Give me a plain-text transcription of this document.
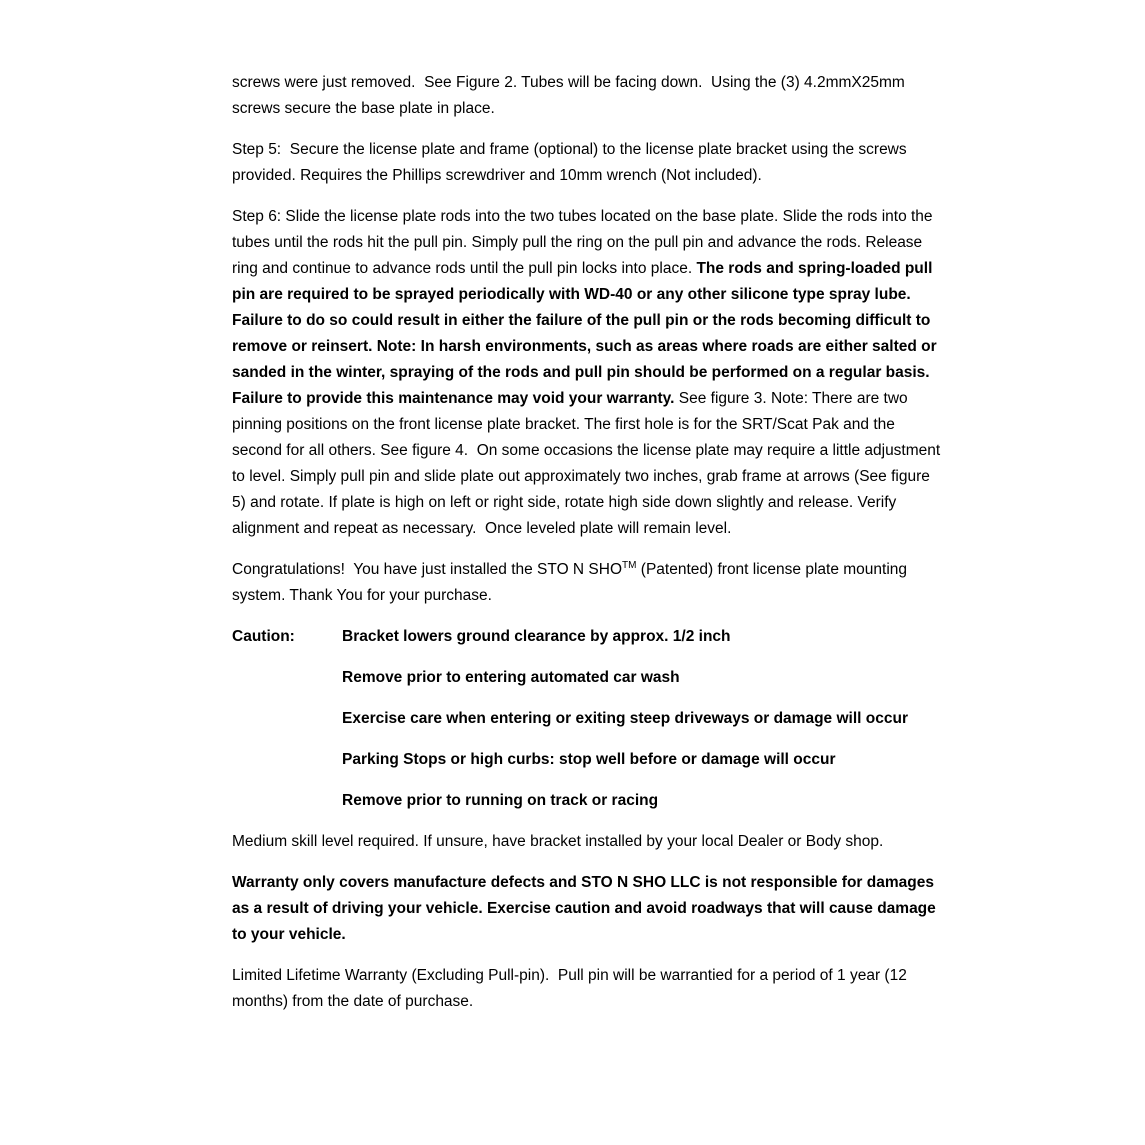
screws were just removed.  See Figure 2. Tubes will be facing down.  Using the (3) 4.2mmX25mm screws secure the base plate in place.

Step 5:  Secure the license plate and frame (optional) to the license plate bracket using the screws provided. Requires the Phillips screwdriver and 10mm wrench (Not included).

Step 6: Slide the license plate rods into the two tubes located on the base plate. Slide the rods into the tubes until the rods hit the pull pin. Simply pull the ring on the pull pin and advance the rods. Release ring and continue to advance rods until the pull pin locks into place. The rods and spring-loaded pull pin are required to be sprayed periodically with WD-40 or any other silicone type spray lube. Failure to do so could result in either the failure of the pull pin or the rods becoming difficult to remove or reinsert. Note: In harsh environments, such as areas where roads are either salted or sanded in the winter, spraying of the rods and pull pin should be performed on a regular basis.  Failure to provide this maintenance may void your warranty. See figure 3. Note: There are two pinning positions on the front license plate bracket. The first hole is for the SRT/Scat Pak and the second for all others. See figure 4.  On some occasions the license plate may require a little adjustment to level. Simply pull pin and slide plate out approximately two inches, grab frame at arrows (See figure 5) and rotate. If plate is high on left or right side, rotate high side down slightly and release. Verify alignment and repeat as necessary.  Once leveled plate will remain level.

Congratulations!  You have just installed the STO N SHO™ (Patented) front license plate mounting system. Thank You for your purchase.

Caution:	Bracket lowers ground clearance by approx. 1/2 inch

Remove prior to entering automated car wash

Exercise care when entering or exiting steep driveways or damage will occur

Parking Stops or high curbs: stop well before or damage will occur

Remove prior to running on track or racing

Medium skill level required. If unsure, have bracket installed by your local Dealer or Body shop.

Warranty only covers manufacture defects and STO N SHO LLC is not responsible for damages as a result of driving your vehicle. Exercise caution and avoid roadways that will cause damage to your vehicle.

Limited Lifetime Warranty (Excluding Pull-pin).  Pull pin will be warrantied for a period of 1 year (12 months) from the date of purchase.
